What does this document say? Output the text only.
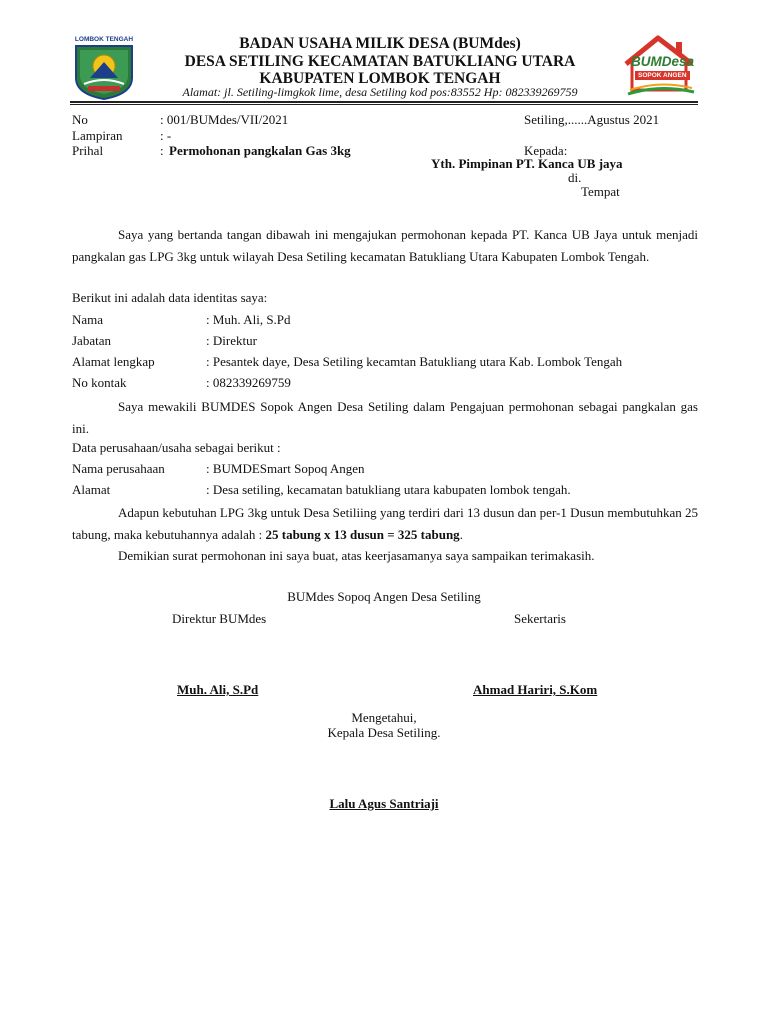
LOMBOK TENGAH	BADAN USAHA MILIK DESA (BUMdes)
DESA SETILING KECAMATAN BATUKLIANG UTARA
KABUPATEN LOMBOK TENGAH
Alamat: jl. Setiling-limgkok lime, desa Setiling kod pos:83552 Hp: 082339269759
BUMDesa
SOPOK ANGEN
No	: 001/BUMdes/VII/2021
Lampiran	: -
Prihal	: Permohonan pangkalan Gas 3kg
Setiling,......Agustus 2021
Kepada:
Yth. Pimpinan PT. Kanca UB jaya
di.
Tempat
Saya yang bertanda tangan dibawah ini mengajukan permohonan kepada PT. Kanca UB Jaya untuk menjadi pangkalan gas LPG 3kg untuk wilayah Desa Setiling kecamatan Batukliang Utara Kabupaten Lombok Tengah.
Berikut ini adalah data identitas saya:
Nama	: Muh. Ali, S.Pd
Jabatan	: Direktur
Alamat lengkap	: Pesantek daye, Desa Setiling kecamtan Batukliang utara Kab. Lombok Tengah
No kontak	: 082339269759
Saya mewakili BUMDES Sopok Angen Desa Setiling dalam Pengajuan permohonan sebagai pangkalan gas ini.
Data perusahaan/usaha sebagai berikut :
Nama perusahaan	: BUMDESmart Sopoq Angen
Alamat	: Desa setiling, kecamatan batukliang utara kabupaten lombok tengah.
Adapun kebutuhan LPG 3kg untuk Desa Setiliing yang terdiri dari 13 dusun dan per-1 Dusun membutuhkan 25 tabung, maka kebutuhannya adalah : 25 tabung x 13 dusun = 325 tabung.
Demikian surat permohonan ini saya buat, atas keerjasamanya saya sampaikan terimakasih.
BUMdes Sopoq Angen Desa Setiling
Direktur BUMdes	Sekertaris
Muh. Ali, S.Pd	Ahmad Hariri, S.Kom
Mengetahui,
Kepala Desa Setiling.
Lalu Agus Santriaji
